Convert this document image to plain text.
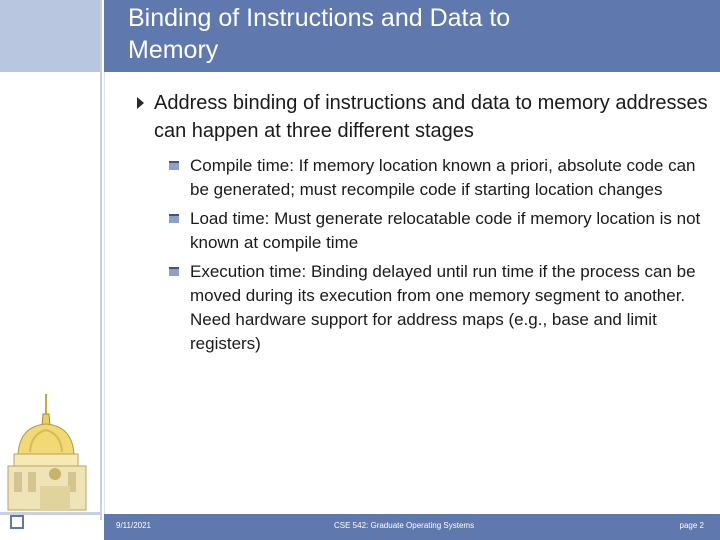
Binding of Instructions and Data to
Memory
Address binding of instructions and data to memory addresses can happen at three different stages
Compile time: If memory location known a priori, absolute code can be generated; must recompile code if starting location changes
Load time: Must generate relocatable code if memory location is not known at compile time
Execution time: Binding delayed until run time if the process can be moved during its execution from one memory segment to another. Need hardware support for address maps (e.g., base and limit registers)
9/11/2021	CSE 542: Graduate Operating Systems	page 2
